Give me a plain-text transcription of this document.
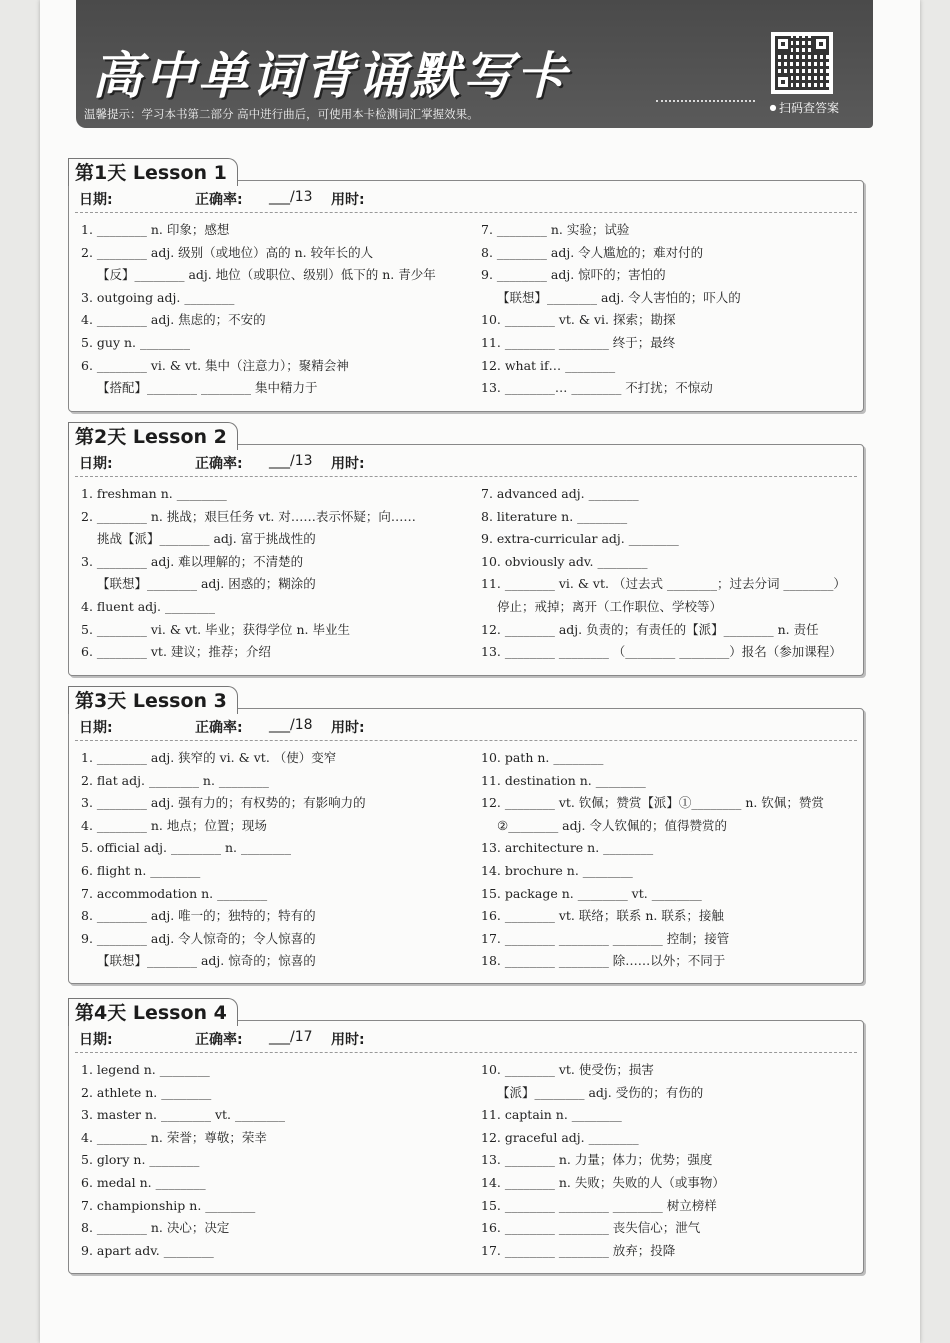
高中单词背诵默写卡
温馨提示：学习本书第二部分 高中进行曲后，可使用本卡检测词汇掌握效果。
●	扫码查答案
第1天 Lesson 1
日期:	正确率: ___/13 用时:
1. ________ n. 印象；感想
2. ________ adj. 级别（或地位）高的 n. 较年长的人
【反】________ adj. 地位（或职位、级别）低下的 n. 青少年
3. outgoing adj. ________
4. ________ adj. 焦虑的；不安的
5. guy n. ________
6. ________ vi. & vt. 集中（注意力）；聚精会神
【搭配】________ ________ 集中精力于
7. ________ n. 实验；试验
8. ________ adj. 令人尴尬的；难对付的
9. ________ adj. 惊吓的；害怕的
【联想】________ adj. 令人害怕的；吓人的
10. ________ vt. & vi. 探索；勘探
11. ________ ________ 终于；最终
12. what if… ________
13. ________… ________ 不打扰；不惊动
第2天 Lesson 2
日期:	正确率: ___/13 用时:
1. freshman n. ________
2. ________ n. 挑战；艰巨任务 vt. 对……表示怀疑；向……
挑战【派】________ adj. 富于挑战性的
3. ________ adj. 难以理解的；不清楚的
【联想】________ adj. 困惑的；糊涂的
4. fluent adj. ________
5. ________ vi. & vt. 毕业；获得学位 n. 毕业生
6. ________ vt. 建议；推荐；介绍
7. advanced adj. ________
8. literature n. ________
9. extra-curricular adj. ________
10. obviously adv. ________
11. ________ vi. & vt. （过去式 ________；过去分词 ________）
停止；戒掉；离开（工作职位、学校等）
12. ________ adj. 负责的；有责任的【派】________ n. 责任
13. ________ ________ （________ ________）报名（参加课程）
第3天 Lesson 3
日期:	正确率: ___/18 用时:
1. ________ adj. 狭窄的 vi. & vt. （使）变窄
2. flat adj. ________ n. ________
3. ________ adj. 强有力的；有权势的；有影响力的
4. ________ n. 地点；位置；现场
5. official adj. ________ n. ________
6. flight n. ________
7. accommodation n. ________
8. ________ adj. 唯一的；独特的；特有的
9. ________ adj. 令人惊奇的；令人惊喜的
【联想】________ adj. 惊奇的；惊喜的
10. path n. ________
11. destination n. ________
12. ________ vt. 钦佩；赞赏【派】①________ n. 钦佩；赞赏
②________ adj. 令人钦佩的；值得赞赏的
13. architecture n. ________
14. brochure n. ________
15. package n. ________ vt. ________
16. ________ vt. 联络；联系 n. 联系；接触
17. ________ ________ ________ 控制；接管
18. ________ ________ 除……以外；不同于
第4天 Lesson 4
日期:	正确率: ___/17 用时:
1. legend n. ________
2. athlete n. ________
3. master n. ________ vt. ________
4. ________ n. 荣誉；尊敬；荣幸
5. glory n. ________
6. medal n. ________
7. championship n. ________
8. ________ n. 决心；决定
9. apart adv. ________
10. ________ vt. 使受伤；损害
【派】________ adj. 受伤的；有伤的
11. captain n. ________
12. graceful adj. ________
13. ________ n. 力量；体力；优势；强度
14. ________ n. 失败；失败的人（或事物）
15. ________ ________ ________ 树立榜样
16. ________ ________ 丧失信心；泄气
17. ________ ________ 放弃；投降
